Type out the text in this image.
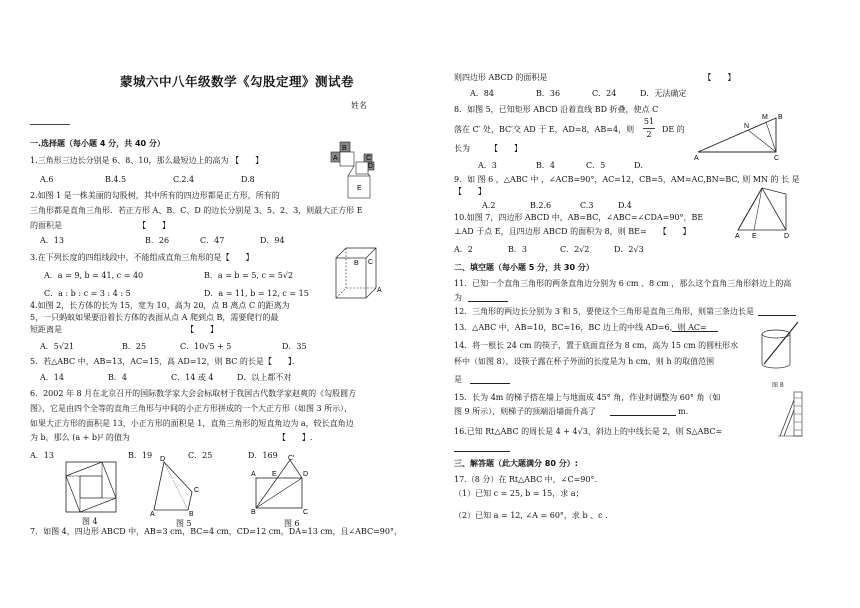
蒙城六中八年级数学《勾股定理》测试卷
姓名
一.选择题（每小题 4 分，共 40 分）
1.三角形三边长分别是 6、8、10，那么最短边上的高为 【　　】
A.6	B.4.5	C.2.4	D.8
2.如图 1 是一株美丽的勾股树，其中所有的四边形都是正方形，所有的
三角形都是直角三角形．若正方形 A、B、C、D 的边长分别是 3、5、2、3，则最大正方形 E
的面积是　　　　　　　　　　【　　】
A．13	B．26	C．47	D．94
3.在下列长度的四组线段中，不能组成直角三角形的是【　　】
A．a = 9, b = 41, c = 40	B．a = b = 5, c = 5√2
C．a : b : c = 3 : 4 : 5	D．a = 11, b = 12, c = 15
4.如图 2，长方体的长为 15，宽为 10，高为 20，点 B 离点 C 的距离为
5，一只蚂蚁如果要沿着长方体的表面从点 A 爬到点 B，需要爬行的最
短距离是　　　　　　　　　　　　　　　　【　　】
A．5√21	B．25	C．10√5 + 5	D．35
5．若△ABC 中，AB=13，AC=15，高 AD=12，则 BC 的长是【　　】．
A．14	B．4	C．14 或 4	D．以上都不对
6．2002 年 8 月在北京召开的国际数学家大会会标取材于我国古代数学家赵爽的《勾股圆方
图》，它是由四个全等的直角三角形与中间的小正方形拼成的一个大正方形（如图 3 所示），
如果大正方形的面积是 13，小正方形的面积是 1，直角三角形的短直角边为 a，较长直角边
为 b，那么 (a + b)² 的值为　　　　　　　　　　　　　　　　　　　【　　】.
A．13	B．19	C．25	D．169
7．如图 4，四边形 ABCD 中，AB=3 cm，BC=4 cm，CD=12 cm，DA=13 cm，且∠ABC=90°，
B
A	C
D
E
B C
A
图 4
D
C
B
A
图 5
C′
E
A	D
B	C
图 6
则四边形 ABCD 的面积是　　　　　　　　　　　　　　　　　　　　【　　】
A．84	B．36	C．24	D．无法确定
8．如图 5，已知矩形 ABCD 沿着直线 BD 折叠，使点 C
落在 C′ 处，BC′交 AD 于 E，AD=8，AB=4，则
51
2
DE 的
长为　　　【　　】
A．3	B．4	C．5	D．
A	C
B
M
N
9．如 图 6 ，△ABC 中 ，∠ACB=90°，AC=12，CB=5，AM=AC,BN=BC, 则 MN 的 长 是
【　　】
A.2	B.2.6	C.3	D.4
10.如图 7，四边形 ABCD 中，AB=BC，∠ABC=∠CDA=90°，BE
⊥AD 于点 E，且四边形 ABCD 的面积为 8，则 BE=　　【　　】
A．2	B．3	C．2√2	D．2√3
A E	D
二、填空题（每小题 5 分，共 30 分）
11．已知一个直角三角形的两条直角边分别为 6 cm 、8 cm ，那么这个直角三角形斜边上的高
为
12．三角形的两边长分别为 3 和 5，要使这个三角形是直角三角形，则第三条边长是
13．△ABC 中，AB=10，BC=16，BC 边上的中线 AD=6，则 AC=
14．将一根长 24 cm 的筷子，置于底面直径为 8 cm，高为 15 cm 的圆柱形水
杯中（如图 8），设筷子露在杯子外面的长度是为 h cm，则 h 的取值范围
是
图 8
15．长为 4m 的梯子搭在墙上与地面成 45° 角，作业时调整为 60° 角（如
图 9 所示），则梯子的顶端沿墙面升高了	m.
16.已知 Rt△ABC 的周长是 4 + 4√3，斜边上的中线长是 2，则 S△ABC=
三、解答题（此大题满分 80 分）:
17.（8 分）在 Rt△ABC 中，∠C=90°.
（1）已知 c = 25, b = 15，求 a；
（2）已知 a = 12, ∠A = 60°，求 b 、c .
